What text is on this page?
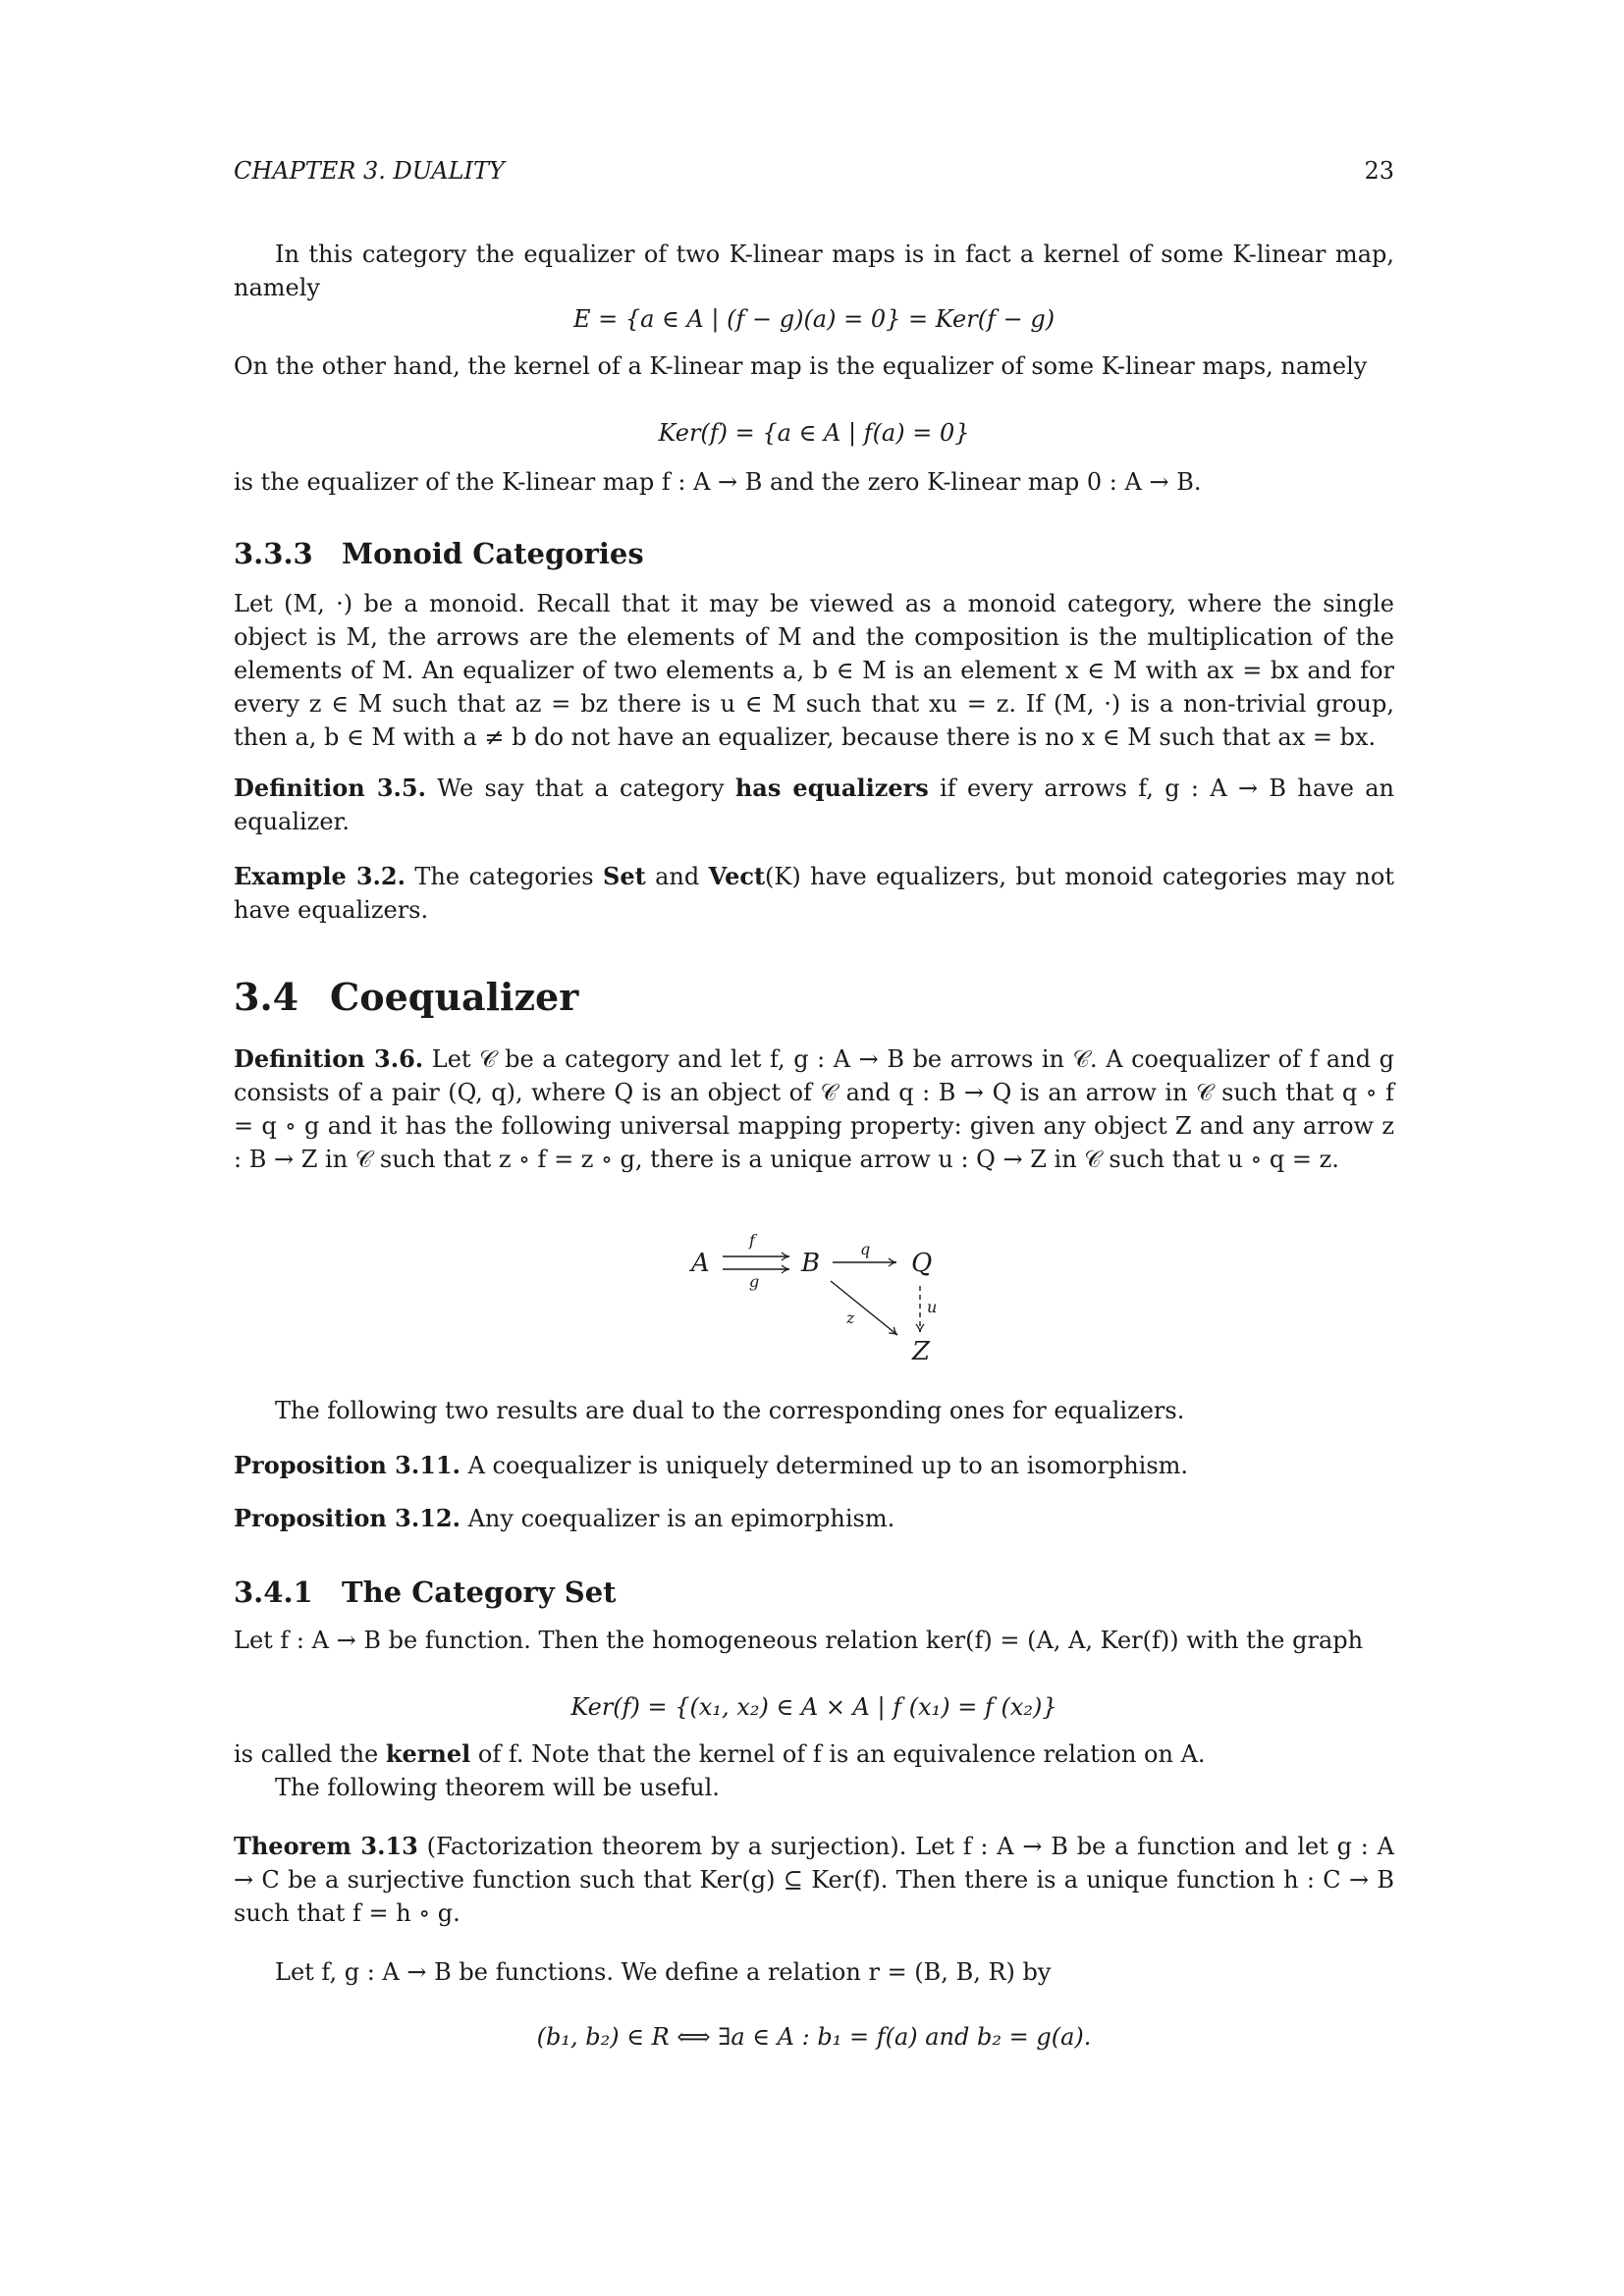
CHAPTER 3. DUALITY	23
In this category the equalizer of two K-linear maps is in fact a kernel of some K-linear map, namely
E = {a ∈ A | (f − g)(a) = 0} = Ker(f − g)
On the other hand, the kernel of a K-linear map is the equalizer of some K-linear maps, namely
Ker(f) = {a ∈ A | f(a) = 0}
is the equalizer of the K-linear map f : A → B and the zero K-linear map 0 : A → B.
3.3.3 Monoid Categories
Let (M, ·) be a monoid. Recall that it may be viewed as a monoid category, where the single object is M, the arrows are the elements of M and the composition is the multiplication of the elements of M. An equalizer of two elements a, b ∈ M is an element x ∈ M with ax = bx and for every z ∈ M such that az = bz there is u ∈ M such that xu = z. If (M, ·) is a non-trivial group, then a, b ∈ M with a ≠ b do not have an equalizer, because there is no x ∈ M such that ax = bx.
Definition 3.5. We say that a category has equalizers if every arrows f, g : A → B have an equalizer.
Example 3.2. The categories Set and Vect(K) have equalizers, but monoid categories may not have equalizers.
3.4 Coequalizer
Definition 3.6. Let 𝒞 be a category and let f, g : A → B be arrows in 𝒞. A coequalizer of f and g consists of a pair (Q, q), where Q is an object of 𝒞 and q : B → Q is an arrow in 𝒞 such that q ∘ f = q ∘ g and it has the following universal mapping property: given any object Z and any arrow z : B → Z in 𝒞 such that z ∘ f = z ∘ g, there is a unique arrow u : Q → Z in 𝒞 such that u ∘ q = z.
A	B	Q
Z
f
g
q
z
u
The following two results are dual to the corresponding ones for equalizers.
Proposition 3.11. A coequalizer is uniquely determined up to an isomorphism.
Proposition 3.12. Any coequalizer is an epimorphism.
3.4.1 The Category Set
Let f : A → B be function. Then the homogeneous relation ker(f) = (A, A, Ker(f)) with the graph
Ker(f) = {(x₁, x₂) ∈ A × A | f (x₁) = f (x₂)}
is called the kernel of f. Note that the kernel of f is an equivalence relation on A.
The following theorem will be useful.
Theorem 3.13 (Factorization theorem by a surjection). Let f : A → B be a function and let g : A → C be a surjective function such that Ker(g) ⊆ Ker(f). Then there is a unique function h : C → B such that f = h ∘ g.
Let f, g : A → B be functions. We define a relation r = (B, B, R) by
(b₁, b₂) ∈ R ⟺ ∃a ∈ A : b₁ = f(a) and b₂ = g(a).
